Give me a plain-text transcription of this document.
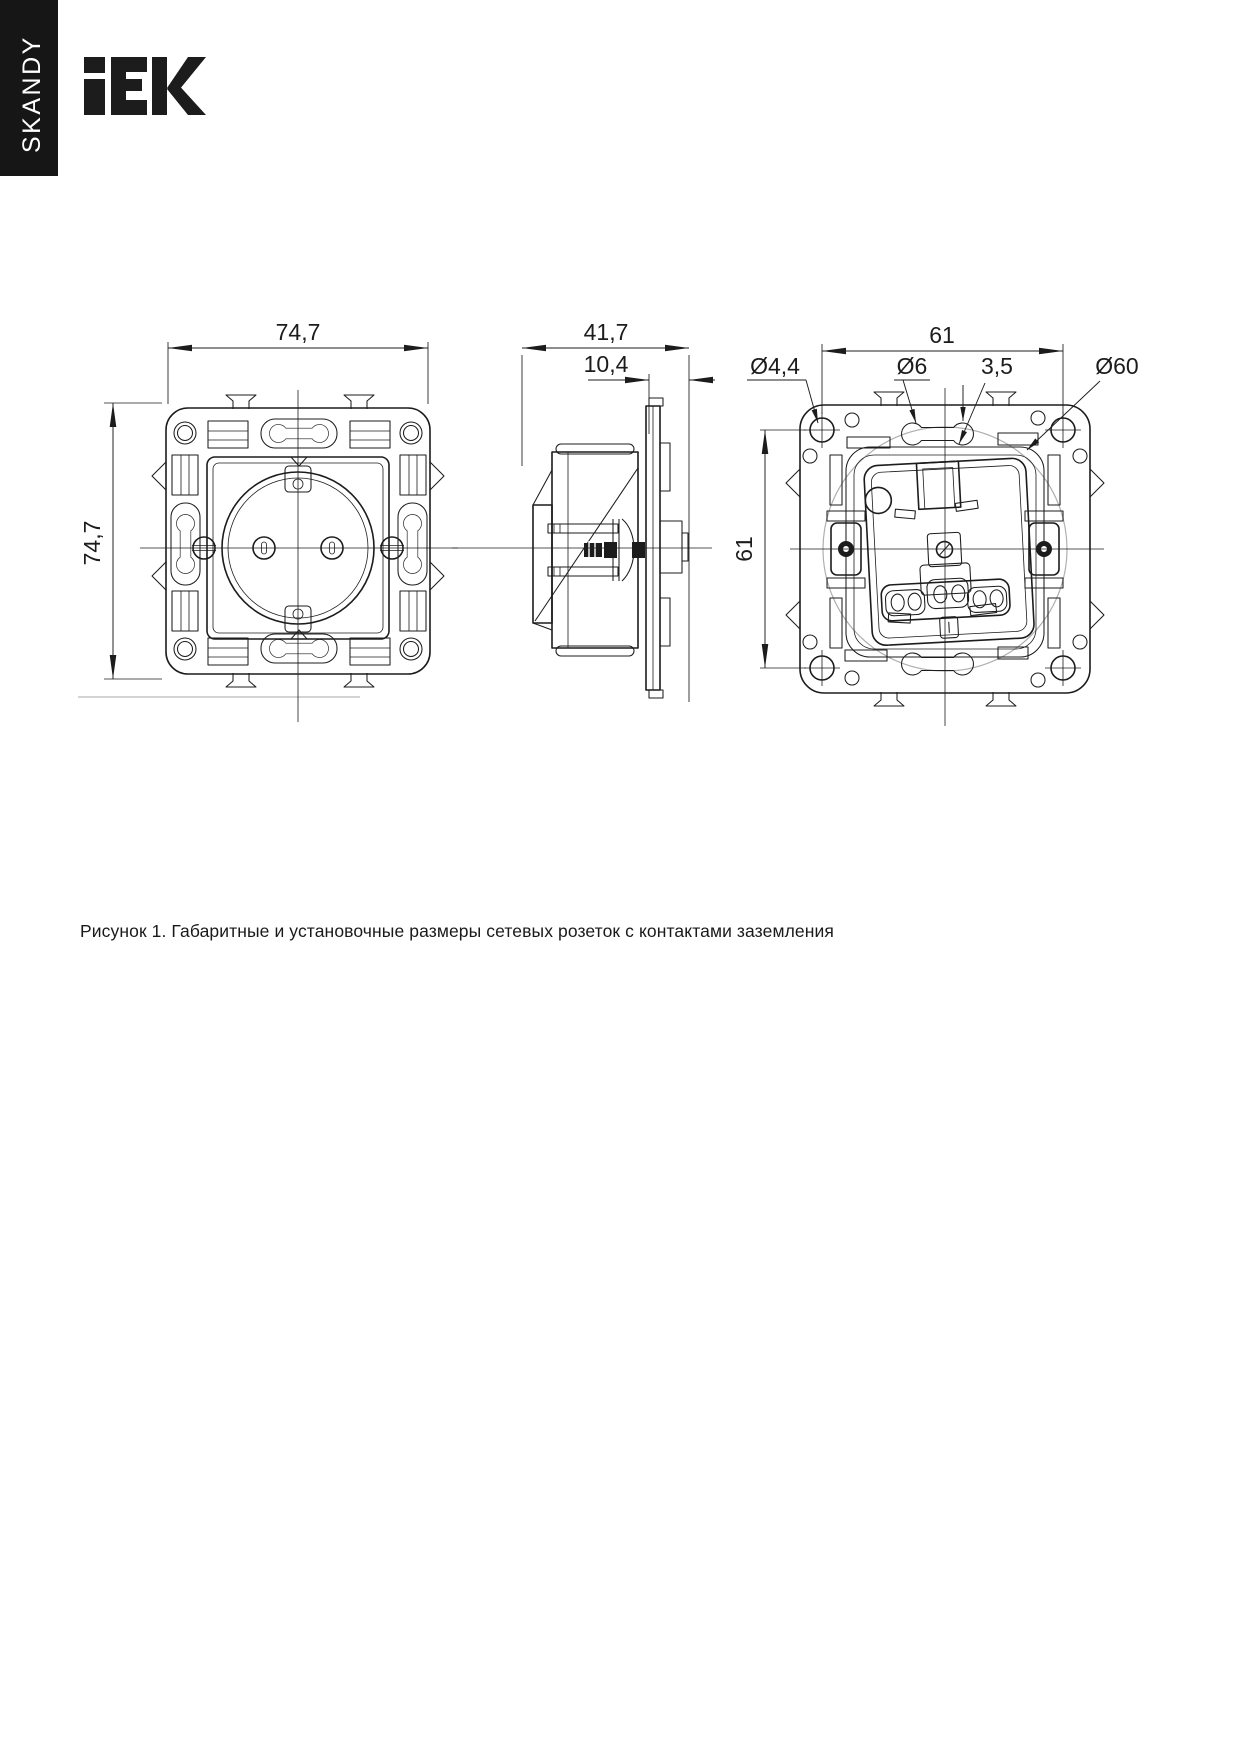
SKANDY
74,7
74,7
41,7
10,4
61
61
Ø4,4	Ø6 3,5	Ø60
Рисунок 1. Габаритные и установочные размеры сетевых розеток с контактами заземления
